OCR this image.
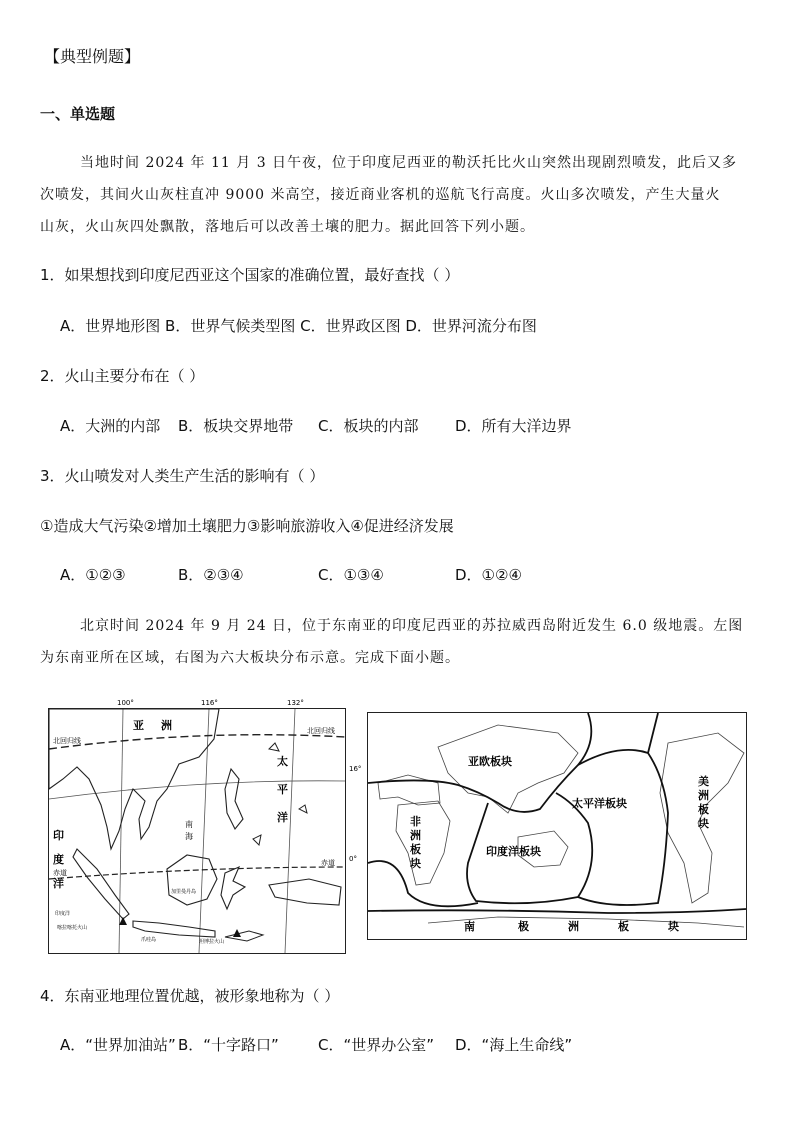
【典型例题】
一、单选题
当地时间 2024 年 11 月 3 日午夜，位于印度尼西亚的勒沃托比火山突然出现剧烈喷发，此后又多
次喷发，其间火山灰柱直冲 9000 米高空，接近商业客机的巡航飞行高度。火山多次喷发，产生大量火
山灰，火山灰四处飘散，落地后可以改善土壤的肥力。据此回答下列小题。
1．如果想找到印度尼西亚这个国家的准确位置，最好查找（ ）
A．世界地形图 B．世界气候类型图 C．世界政区图 D．世界河流分布图
2．火山主要分布在（ ）
A．大洲的内部 B．板块交界地带 C．板块的内部 D．所有大洋边界
3．火山喷发对人类生产生活的影响有（ ）
①造成大气污染②增加土壤肥力③影响旅游收入④促进经济发展
A．①②③	B．②③④	C．①③④	D．①②④
北京时间 2024 年 9 月 24 日，位于东南亚的印度尼西亚的苏拉威西岛附近发生 6.0 级地震。左图
为东南亚所在区域，右图为六大板块分布示意。完成下面小题。
100°	116°	132°
亚 洲
北回归线
北回归线
太
平
洋
印
度
洋
南
海
赤道
赤道
16°
0°
印度洋
加里曼丹岛
喀拉喀托火山
爪哇岛	坦博拉火山
亚欧板块
太平洋板块
美
洲
板
块
非
洲
板
块
印度洋板块
南	极	洲	板	块
4．东南亚地理位置优越，被形象地称为（ ）
A．“世界加油站” B．“十字路口”	C．“世界办公室” D．“海上生命线”
